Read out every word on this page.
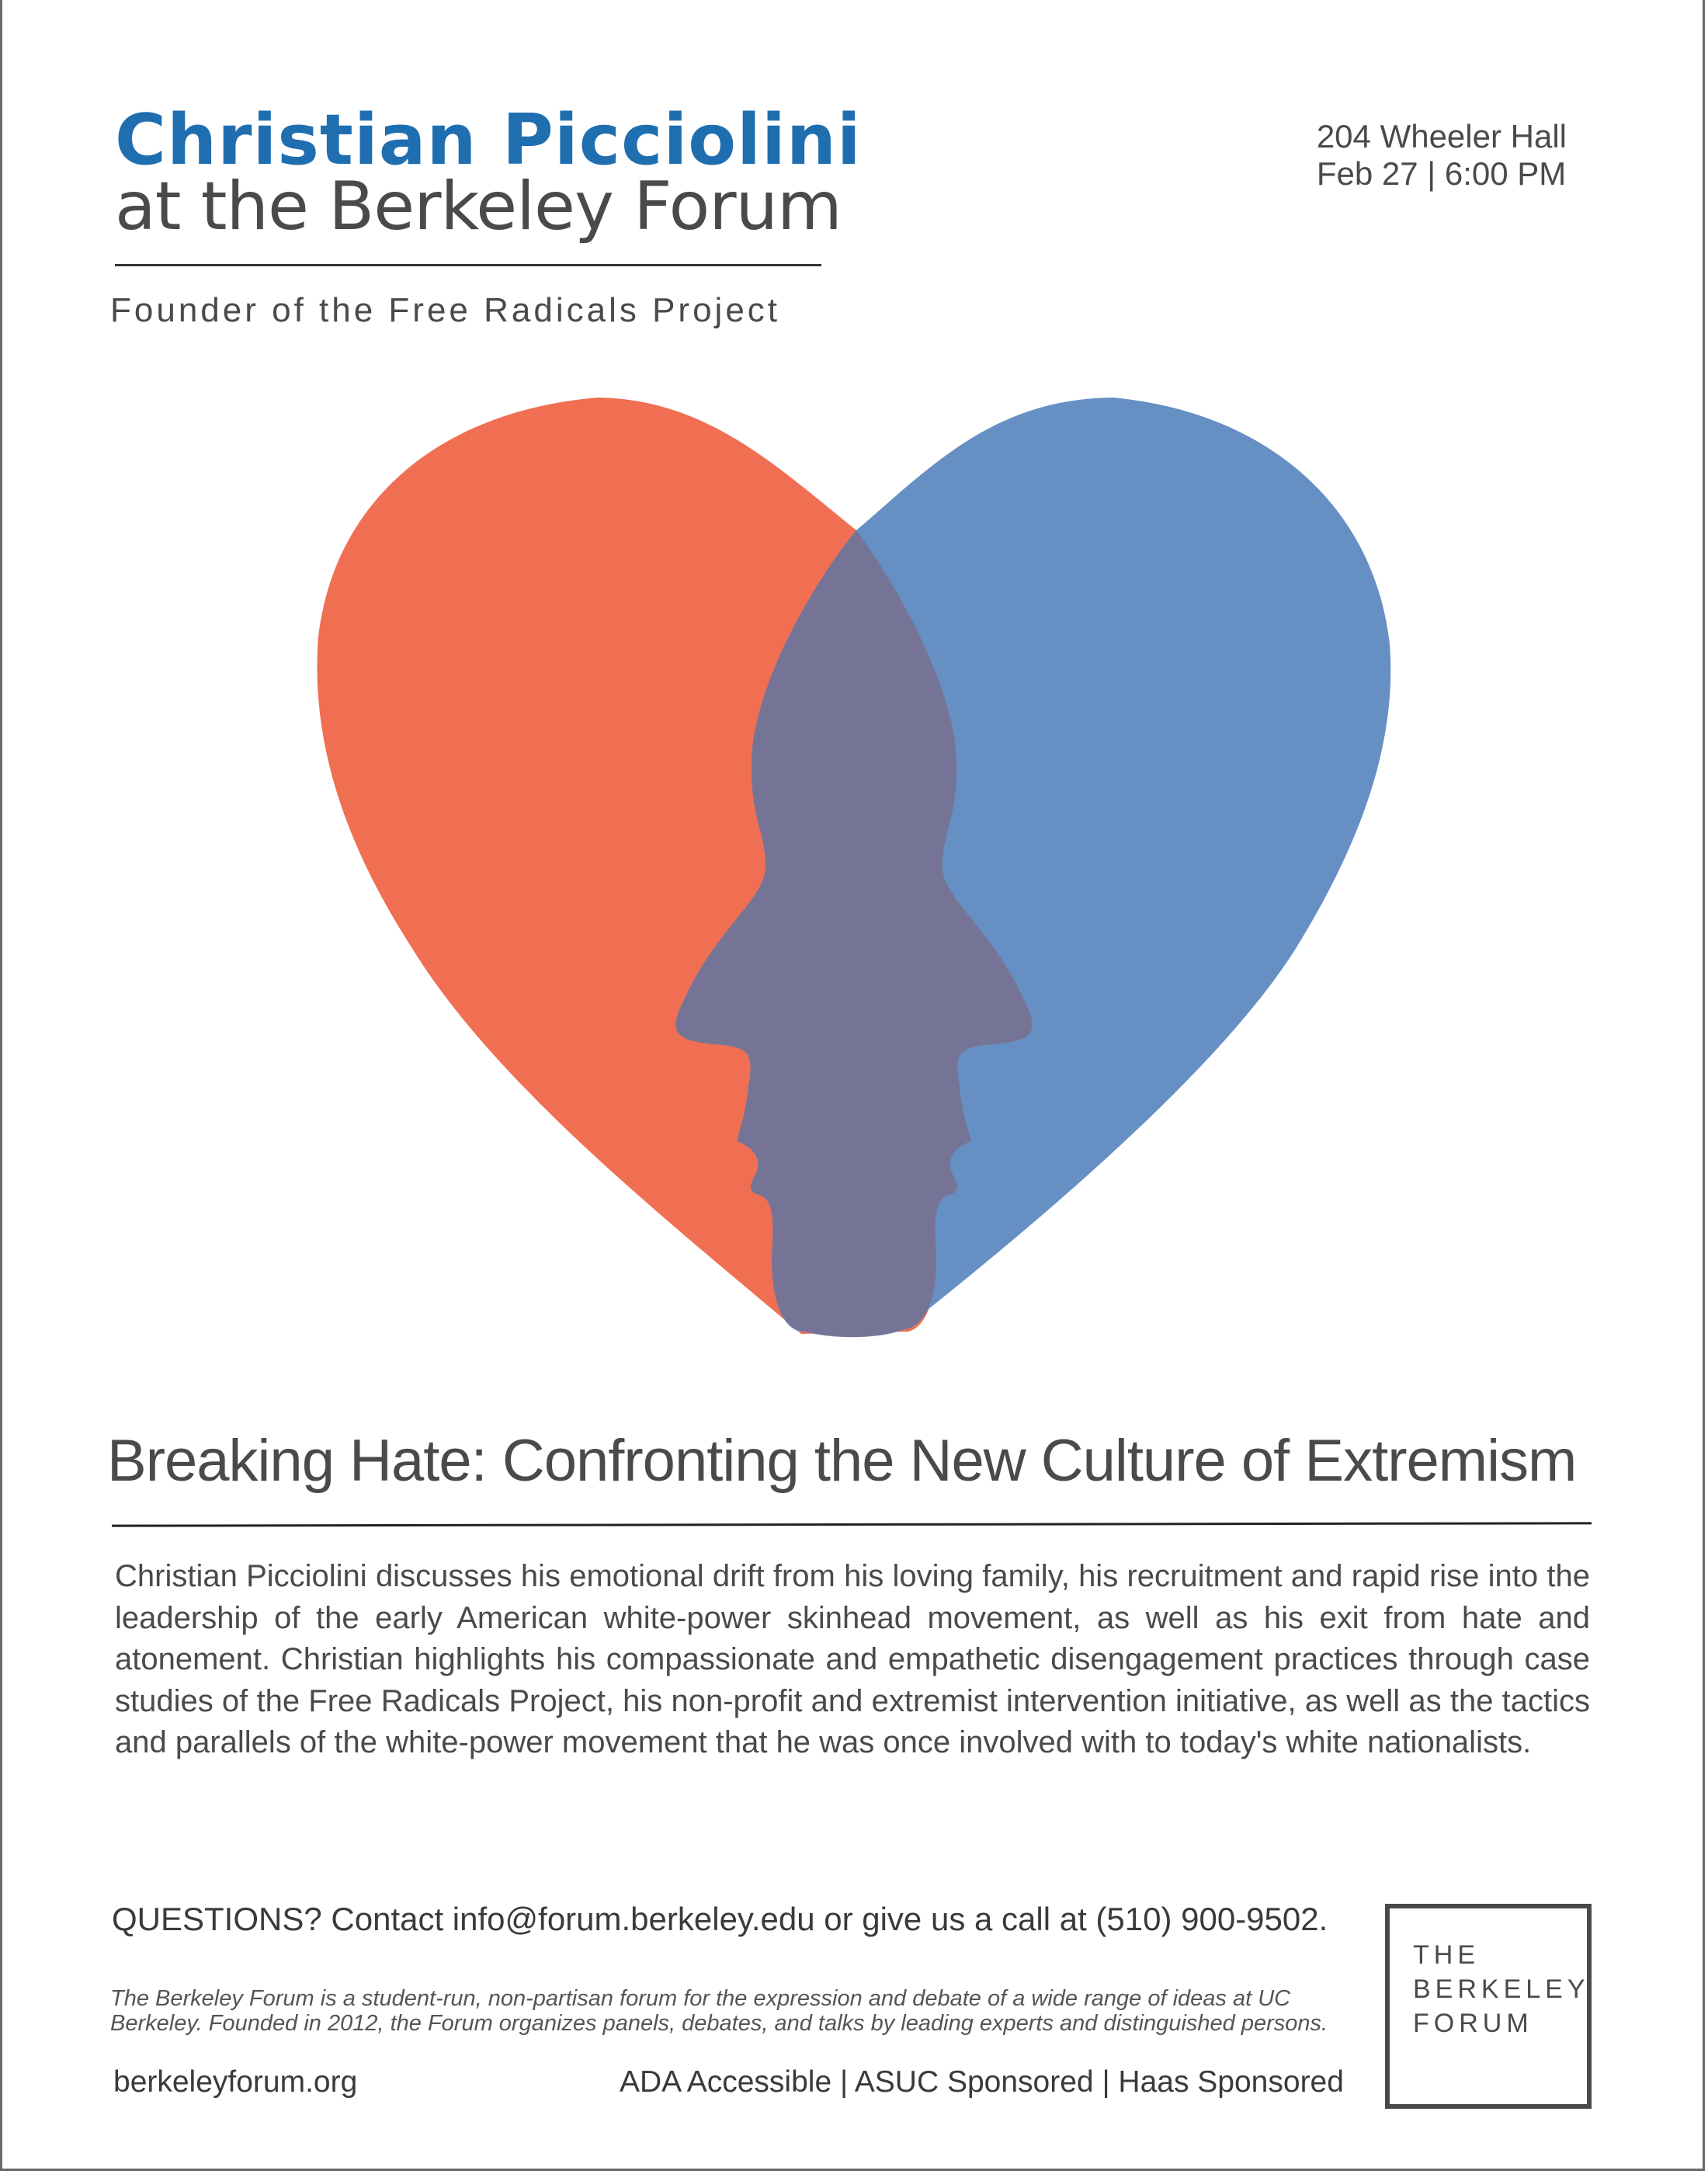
Christian Picciolini
at the Berkeley Forum
Founder of the Free Radicals Project
204 Wheeler Hall
Feb 27 | 6:00 PM
Breaking Hate: Confronting the New Culture of Extremism
Christian Picciolini discusses his emotional drift from his loving family, his recruitment and rapid rise into the leadership of the early American white-power skinhead movement, as well as his exit from hate and atonement. Christian highlights his compassionate and empathetic disengagement practices through case studies of the Free Radicals Project, his non-profit and extremist intervention initiative, as well as the tactics and parallels of the white-power movement that he was once involved with to today's white nationalists.
QUESTIONS? Contact info@forum.berkeley.edu or give us a call at (510) 900-9502.
The Berkeley Forum is a student-run, non-partisan forum for the expression and debate of a wide range of ideas at UC Berkeley. Founded in 2012, the Forum organizes panels, debates, and talks by leading experts and distinguished persons.
berkeleyforum.org	ADA Accessible | ASUC Sponsored | Haas Sponsored
THE
BERKELEY
FORUM
